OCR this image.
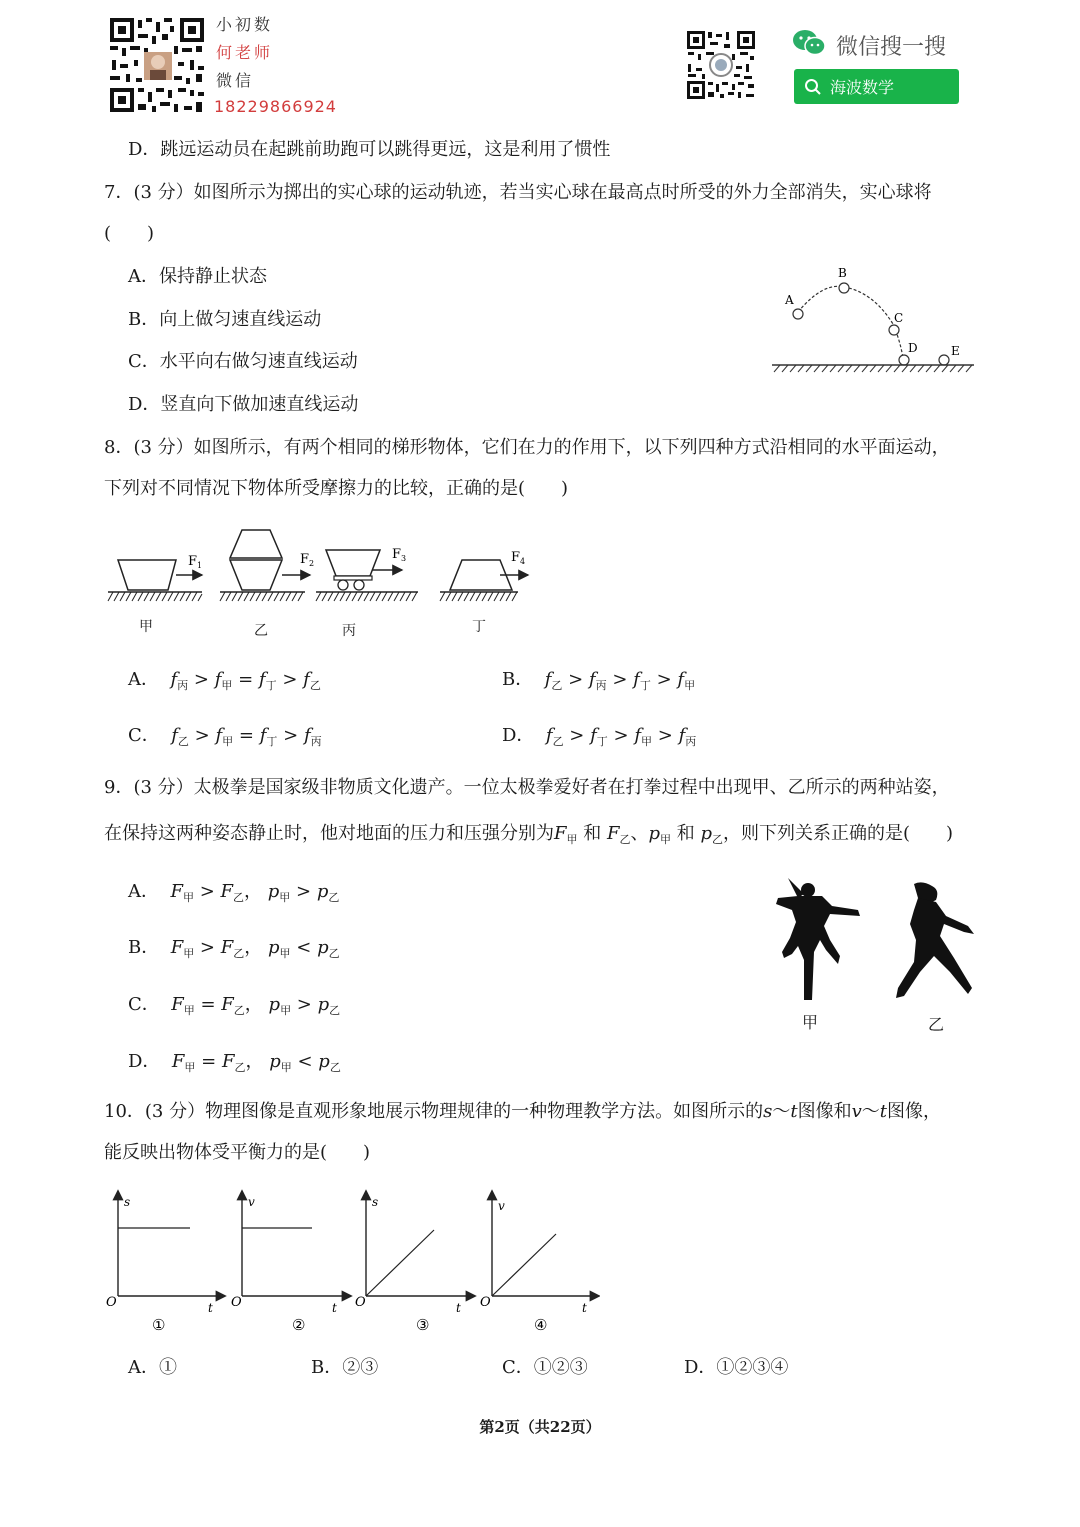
小初数
何老师
微信
18229866924
微信搜一搜
海波数学
D．跳远运动员在起跳前助跑可以跳得更远，这是利用了惯性
7．(3 分）如图所示为掷出的实心球的运动轨迹，若当实心球在最高点时所受的外力全部消失，实心球将
(　　)
A．保持静止状态
B．向上做匀速直线运动
C．水平向右做匀速直线运动
D．竖直向下做加速直线运动
A
B
C
D	E
8．(3 分）如图所示，有两个相同的梯形物体，它们在力的作用下，以下列四种方式沿相同的水平面运动，
下列对不同情况下物体所受摩擦力的比较，正确的是(　　)
F 1	F 2
F 3	F 4
甲	乙	丙	丁
A． $f_丙 > f_甲 = f_丁 > f_乙$	B． $f_乙 > f_丙 > f_丁 > f_甲$
C． $f_乙 > f_甲 = f_丁 > f_丙$	D． $f_乙 > f_丁 > f_甲 > f_丙$
9．(3 分）太极拳是国家级非物质文化遗产。一位太极拳爱好者在打拳过程中出现甲、乙所示的两种站姿，
在保持这两种姿态静止时，他对地面的压力和压强分别为$F_甲$ 和 $F_乙$、$p_甲$ 和 $p_乙$，则下列关系正确的是(　　)
A． $F_甲 > F_乙$， $p_甲 > p_乙$
B． $F_甲 > F_乙$， $p_甲 < p_乙$
C． $F_甲 = F_乙$， $p_甲 > p_乙$
D． $F_甲 = F_乙$， $p_甲 < p_乙$
甲	乙
10．(3 分）物理图像是直观形象地展示物理规律的一种物理教学方法。如图所示的s～t图像和v～t图像，
能反映出物体受平衡力的是(　　)
s
O	t
①
v
O	t
②
s
O	t
③
v
O	t
④
A．①	B．②③	C．①②③	D．①②③④
第2页（共22页）
